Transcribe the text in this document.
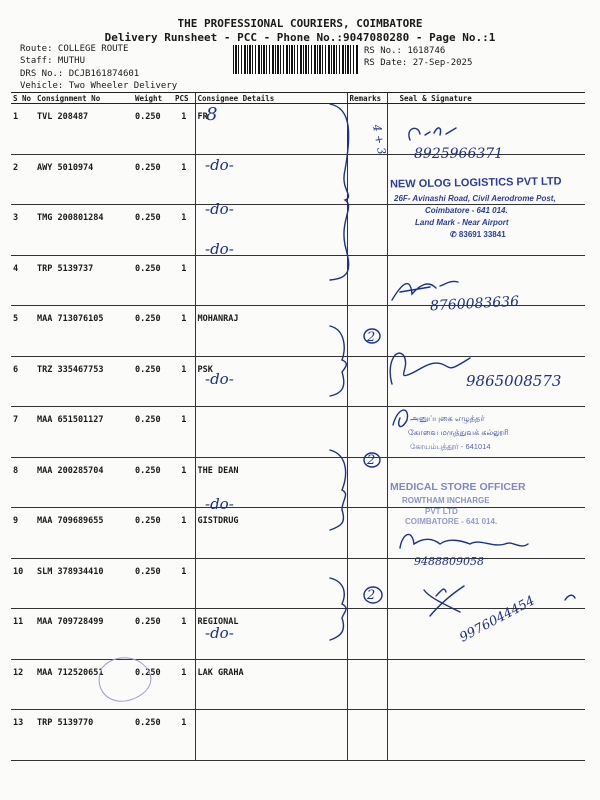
THE PROFESSIONAL COURIERS, COIMBATORE
Delivery Runsheet - PCC - Phone No.:9047080280 - Page No.:1
Route: COLLEGE ROUTE
Staff: MUTHU
DRS No.: DCJB161874601
Vehicle: Two Wheeler Delivery
RS No.: 1618746
RS Date: 27-Sep-2025
S No	Consignment No	Weight	PCS	Consignee Details	Remarks	Seal & Signature
1	TVL 208487	0.250	1	FR		
2	AWY 5010974	0.250	1			
3	TMG 200801284	0.250	1			
4	TRP 5139737	0.250	1			
5	MAA 713076105	0.250	1	MOHANRAJ		
6	TRZ 335467753	0.250	1	PSK		
7	MAA 651501127	0.250	1			
8	MAA 200285704	0.250	1	THE DEAN		
9	MAA 709689655	0.250	1	GISTDRUG		
10	SLM 378934410	0.250	1			
11	MAA 709728499	0.250	1	REGIONAL		
12	MAA 712520651	0.250	1	LAK GRAHA		
13	TRP 5139770	0.250	1			
8
-do-
-do-
-do-
-do-
-do-
-do-
4 + 3
2
2
2
8925966371
8760083636
9865008573
9488809058
9976044454
NEW OLOG LOGISTICS PVT LTD
26F- Avinashi Road, Civil Aerodrome Post,
Coimbatore - 641 014.
Land Mark - Near Airport
✆ 83691 33841
அனுப்புகை எழுத்தர்
கோவை மருத்துவக் கல்லூரி
கோயம்புத்தூர் - 641014
MEDICAL STORE OFFICER
ROWTHAM INCHARGE
PVT LTD
COIMBATORE - 641 014.
